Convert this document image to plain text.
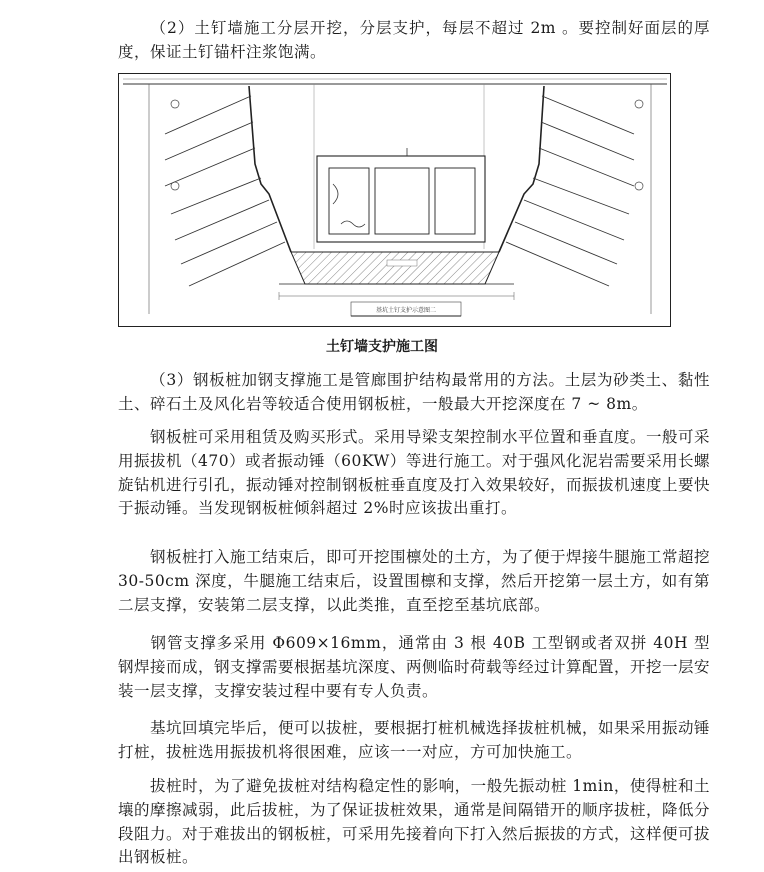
（2）土钉墙施工分层开挖，分层支护，每层不超过 2m 。要控制好面层的厚度，保证土钉锚杆注浆饱满。

基坑土钉支护示意图二
土钉墙支护施工图

（3）钢板桩加钢支撑施工是管廊围护结构最常用的方法。土层为砂类土、黏性土、碎石土及风化岩等较适合使用钢板桩，一般最大开挖深度在 7 ~ 8m。

钢板桩可采用租赁及购买形式。采用导梁支架控制水平位置和垂直度。一般可采用振拔机（470）或者振动锤（60KW）等进行施工。对于强风化泥岩需要采用长螺旋钻机进行引孔，振动锤对控制钢板桩垂直度及打入效果较好，而振拔机速度上要快于振动锤。当发现钢板桩倾斜超过 2%时应该拔出重打。

钢板桩打入施工结束后，即可开挖围檩处的土方，为了便于焊接牛腿施工常超挖 30-50cm 深度，牛腿施工结束后，设置围檩和支撑，然后开挖第一层土方，如有第二层支撑，安装第二层支撑，以此类推，直至挖至基坑底部。

钢管支撑多采用 Φ609×16mm，通常由 3 根 40B 工型钢或者双拼 40H 型钢焊接而成，钢支撑需要根据基坑深度、两侧临时荷载等经过计算配置，开挖一层安装一层支撑，支撑安装过程中要有专人负责。

基坑回填完毕后，便可以拔桩，要根据打桩机械选择拔桩机械，如果采用振动锤打桩，拔桩选用振拔机将很困难，应该一一对应，方可加快施工。

拔桩时，为了避免拔桩对结构稳定性的影响，一般先振动桩 1min，使得桩和土壤的摩擦减弱，此后拔桩，为了保证拔桩效果，通常是间隔错开的顺序拔桩，降低分段阻力。对于难拔出的钢板桩，可采用先接着向下打入然后振拔的方式，这样便可拔出钢板桩。
